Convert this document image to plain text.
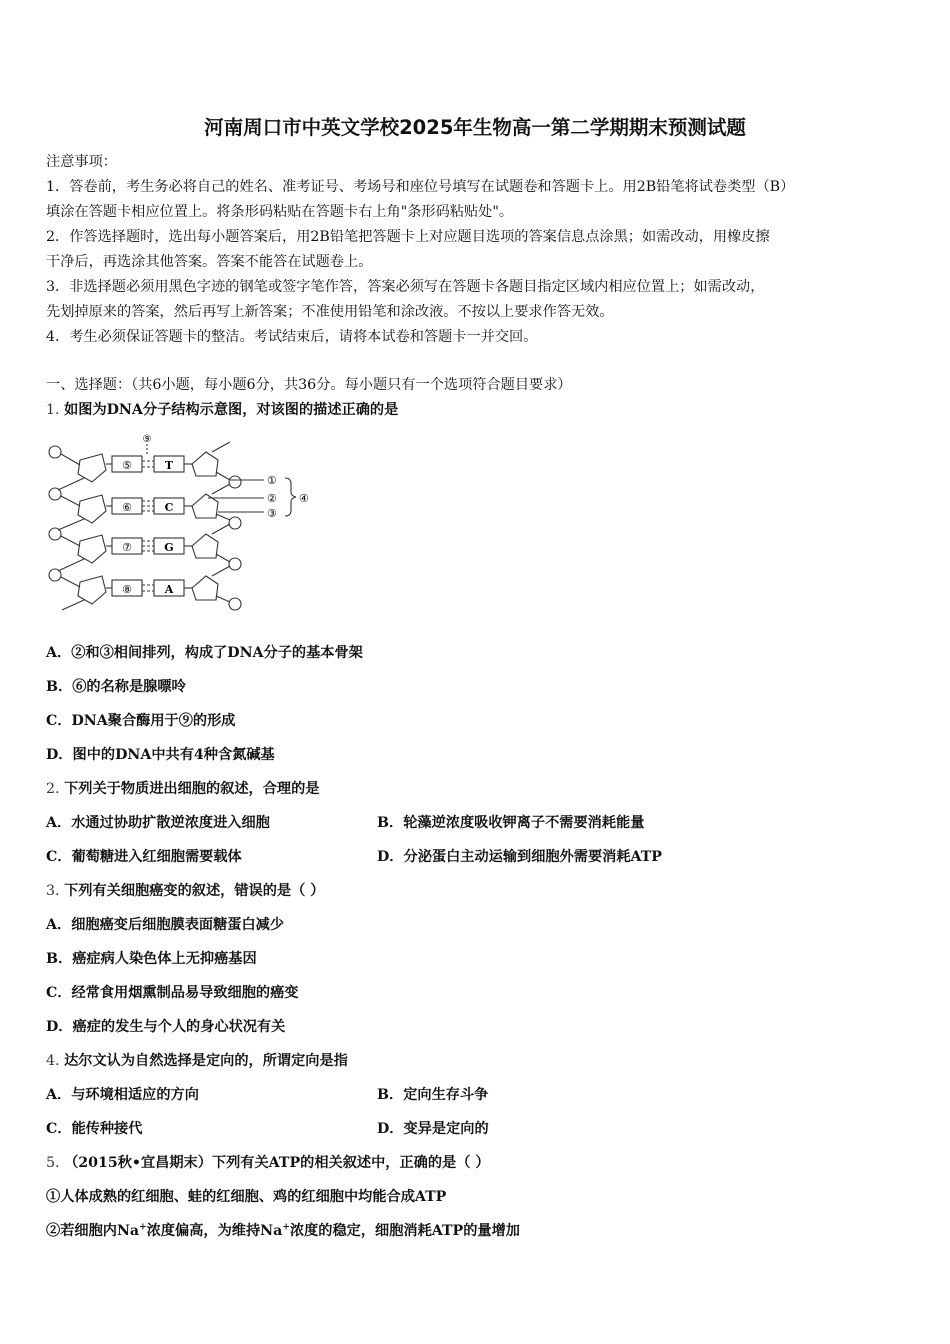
河南周口市中英文学校2025年生物高一第二学期期末预测试题
注意事项：
1．答卷前，考生务必将自己的姓名、准考证号、考场号和座位号填写在试题卷和答题卡上。用2B铅笔将试卷类型（B）
填涂在答题卡相应位置上。将条形码粘贴在答题卡右上角"条形码粘贴处"。
2．作答选择题时，选出每小题答案后，用2B铅笔把答题卡上对应题目选项的答案信息点涂黑；如需改动，用橡皮擦
干净后，再选涂其他答案。答案不能答在试题卷上。
3．非选择题必须用黑色字迹的钢笔或签字笔作答，答案必须写在答题卡各题目指定区域内相应位置上；如需改动，
先划掉原来的答案，然后再写上新答案；不准使用铅笔和涂改液。不按以上要求作答无效。
4．考生必须保证答题卡的整洁。考试结束后，请将本试卷和答题卡一并交回。
一、选择题：（共6小题，每小题6分，共36分。每小题只有一个选项符合题目要求）
1. 如图为DNA分子结构示意图，对该图的描述正确的是
⑨
⑤
⑥
⑦
⑧
T
C
G
A
①
②
③
④
A．②和③相间排列，构成了DNA分子的基本骨架
B．⑥的名称是腺嘌呤
C．DNA聚合酶用于⑨的形成
D．图中的DNA中共有4种含氮碱基
2. 下列关于物质进出细胞的叙述，合理的是
A．水通过协助扩散逆浓度进入细胞	B．轮藻逆浓度吸收钾离子不需要消耗能量
C．葡萄糖进入红细胞需要载体	D．分泌蛋白主动运输到细胞外需要消耗ATP
3. 下列有关细胞癌变的叙述，错误的是（ ）
A．细胞癌变后细胞膜表面糖蛋白减少
B．癌症病人染色体上无抑癌基因
C．经常食用烟熏制品易导致细胞的癌变
D．癌症的发生与个人的身心状况有关
4. 达尔文认为自然选择是定向的，所谓定向是指
A．与环境相适应的方向	B．定向生存斗争
C．能传种接代	D．变异是定向的
5. （2015秋•宜昌期末）下列有关ATP的相关叙述中，正确的是（ ）
①人体成熟的红细胞、蛙的红细胞、鸡的红细胞中均能合成ATP
②若细胞内Na+浓度偏高，为维持Na+浓度的稳定，细胞消耗ATP的量增加
